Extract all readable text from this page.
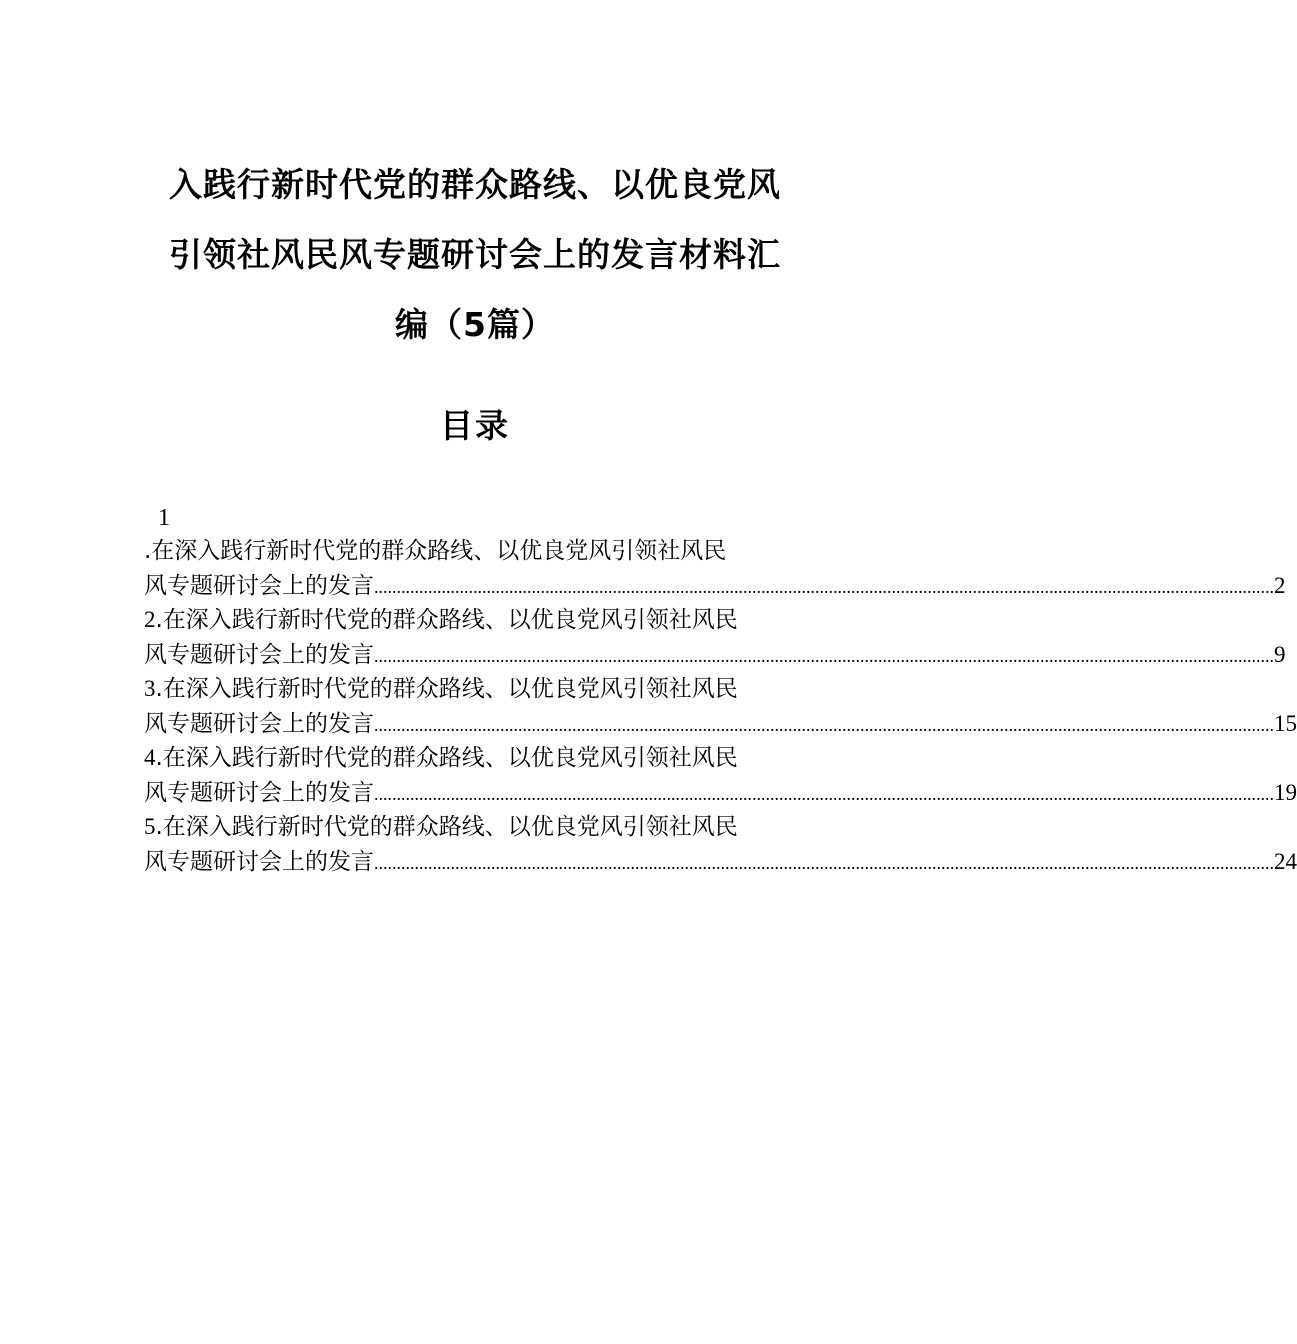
入践行新时代党的群众路线、以优良党风
引领社风民风专题研讨会上的发言材料汇
编（5篇）
目录
1
.在深入践行新时代党的群众路线、以优良党风引领社风民
风专题研讨会上的发言 ........................................................................................................................................................................................................ 2
2.在深入践行新时代党的群众路线、以优良党风引领社风民
风专题研讨会上的发言 ........................................................................................................................................................................................................ 9
3.在深入践行新时代党的群众路线、以优良党风引领社风民
风专题研讨会上的发言 ........................................................................................................................................................................................................ 15
4.在深入践行新时代党的群众路线、以优良党风引领社风民
风专题研讨会上的发言 ........................................................................................................................................................................................................ 19
5.在深入践行新时代党的群众路线、以优良党风引领社风民
风专题研讨会上的发言 ........................................................................................................................................................................................................ 24
